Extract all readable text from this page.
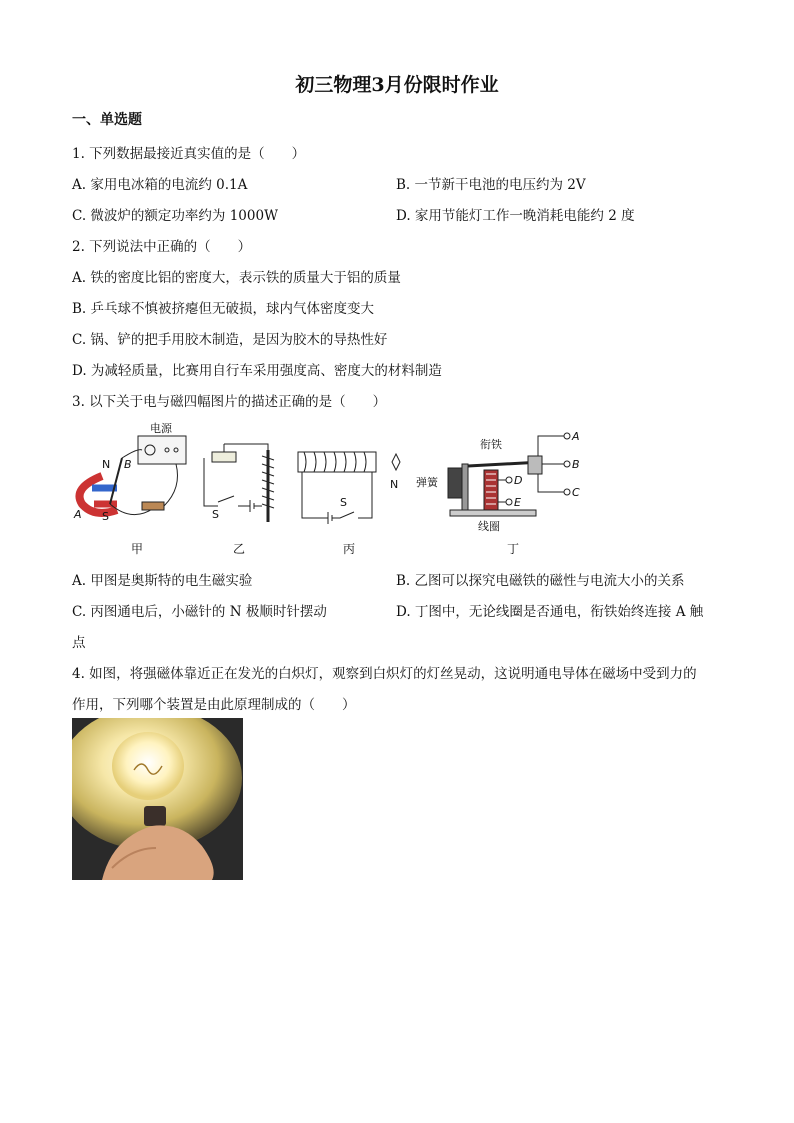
初三物理3月份限时作业
一、单选题
1. 下列数据最接近真实值的是（　　）
A. 家用电冰箱的电流约 0.1A	B. 一节新干电池的电压约为 2V
C. 微波炉的额定功率约为 1000W	D. 家用节能灯工作一晚消耗电能约 2 度
2. 下列说法中正确的（　　）
A. 铁的密度比铝的密度大，表示铁的质量大于铝的质量
B. 乒乓球不慎被挤瘪但无破损，球内气体密度变大
C. 锅、铲的把手用胶木制造，是因为胶木的导热性好
D. 为减轻质量，比赛用自行车采用强度高、密度大的材料制造
3. 以下关于电与磁四幅图片的描述正确的是（　　）
电源
N
S
A
B
S
S
N
A
B
C
D
E
衔铁
弹簧
线圈
甲	乙	丙	丁
A. 甲图是奥斯特的电生磁实验	B. 乙图可以探究电磁铁的磁性与电流大小的关系
C. 丙图通电后，小磁针的 N 极顺时针摆动	D. 丁图中，无论线圈是否通电，衔铁始终连接 A 触
点
4. 如图，将强磁体靠近正在发光的白炽灯，观察到白炽灯的灯丝晃动，这说明通电导体在磁场中受到力的
作用，下列哪个装置是由此原理制成的（　　）
